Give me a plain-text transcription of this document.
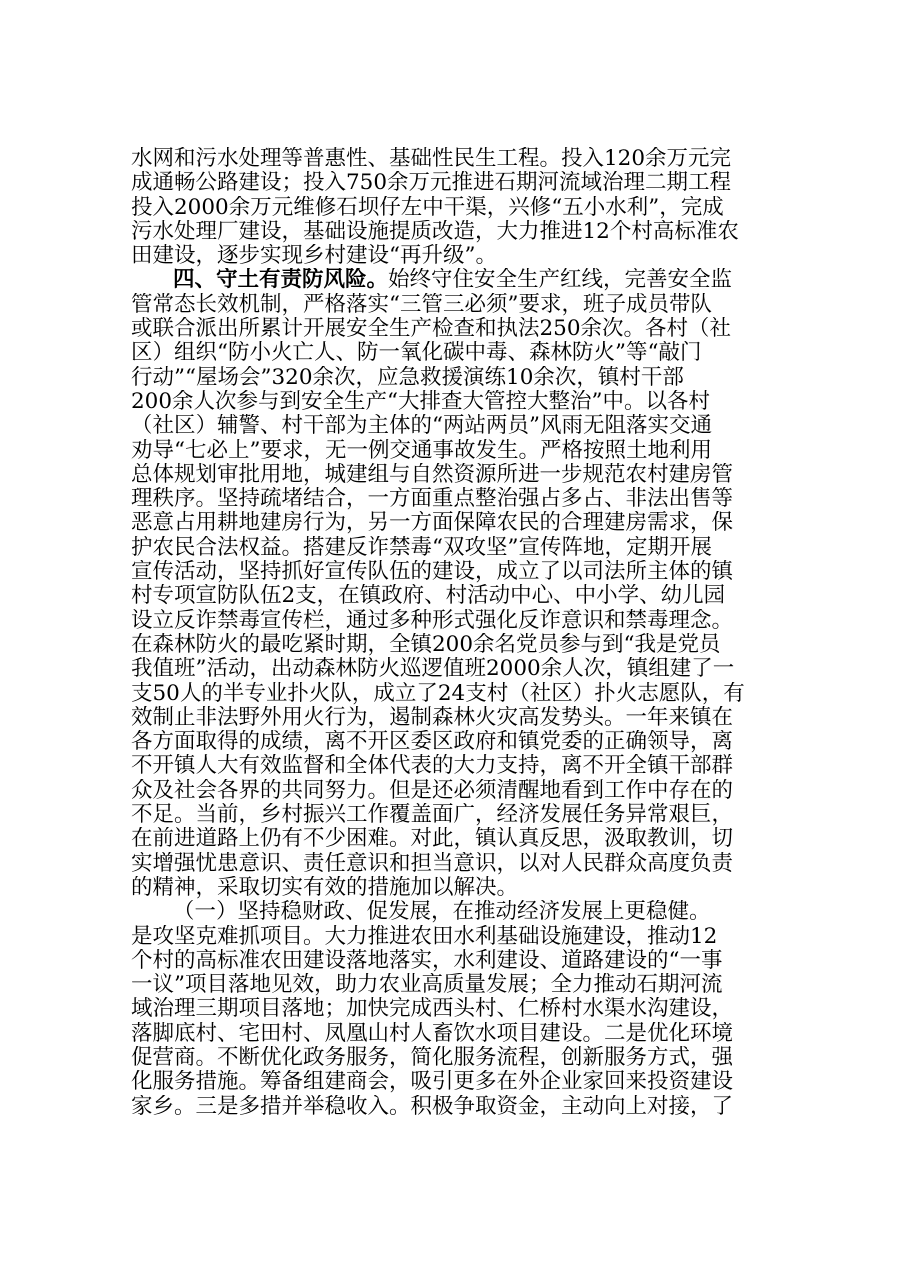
水网和污水处理等普惠性、基础性民生工程。投入120余万元完
成通畅公路建设；投入750余万元推进石期河流域治理二期工程
投入2000余万元维修石坝仔左中干渠，兴修“五小水利”，完成
污水处理厂建设，基础设施提质改造，大力推进12个村高标准农
田建设，逐步实现乡村建设“再升级”。
四、守土有责防风险。始终守住安全生产红线，完善安全监
管常态长效机制，严格落实“三管三必须”要求，班子成员带队
或联合派出所累计开展安全生产检查和执法250余次。各村（社
区）组织“防小火亡人、防一氧化碳中毒、森林防火”等“敲门
行动”“屋场会”320余次，应急救援演练10余次，镇村干部
200余人次参与到安全生产“大排查大管控大整治”中。以各村
（社区）辅警、村干部为主体的“两站两员”风雨无阻落实交通
劝导“七必上”要求，无一例交通事故发生。严格按照土地利用
总体规划审批用地，城建组与自然资源所进一步规范农村建房管
理秩序。坚持疏堵结合，一方面重点整治强占多占、非法出售等
恶意占用耕地建房行为，另一方面保障农民的合理建房需求，保
护农民合法权益。搭建反诈禁毒“双攻坚”宣传阵地，定期开展
宣传活动，坚持抓好宣传队伍的建设，成立了以司法所主体的镇
村专项宣防队伍2支，在镇政府、村活动中心、中小学、幼儿园
设立反诈禁毒宣传栏，通过多种形式强化反诈意识和禁毒理念。
在森林防火的最吃紧时期，全镇200余名党员参与到“我是党员
我值班”活动，出动森林防火巡逻值班2000余人次，镇组建了一
支50人的半专业扑火队，成立了24支村（社区）扑火志愿队，有
效制止非法野外用火行为，遏制森林火灾高发势头。一年来镇在
各方面取得的成绩，离不开区委区政府和镇党委的正确领导，离
不开镇人大有效监督和全体代表的大力支持，离不开全镇干部群
众及社会各界的共同努力。但是还必须清醒地看到工作中存在的
不足。当前，乡村振兴工作覆盖面广，经济发展任务异常艰巨，
在前进道路上仍有不少困难。对此，镇认真反思，汲取教训，切
实增强忧患意识、责任意识和担当意识，以对人民群众高度负责
的精神，采取切实有效的措施加以解决。
（一）坚持稳财政、促发展，在推动经济发展上更稳健。
是攻坚克难抓项目。大力推进农田水利基础设施建设，推动12
个村的高标准农田建设落地落实，水利建设、道路建设的“一事
一议”项目落地见效，助力农业高质量发展；全力推动石期河流
域治理三期项目落地；加快完成西头村、仁桥村水渠水沟建设，
落脚底村、宅田村、凤凰山村人畜饮水项目建设。二是优化环境
促营商。不断优化政务服务，简化服务流程，创新服务方式，强
化服务措施。筹备组建商会，吸引更多在外企业家回来投资建设
家乡。三是多措并举稳收入。积极争取资金，主动向上对接，了
